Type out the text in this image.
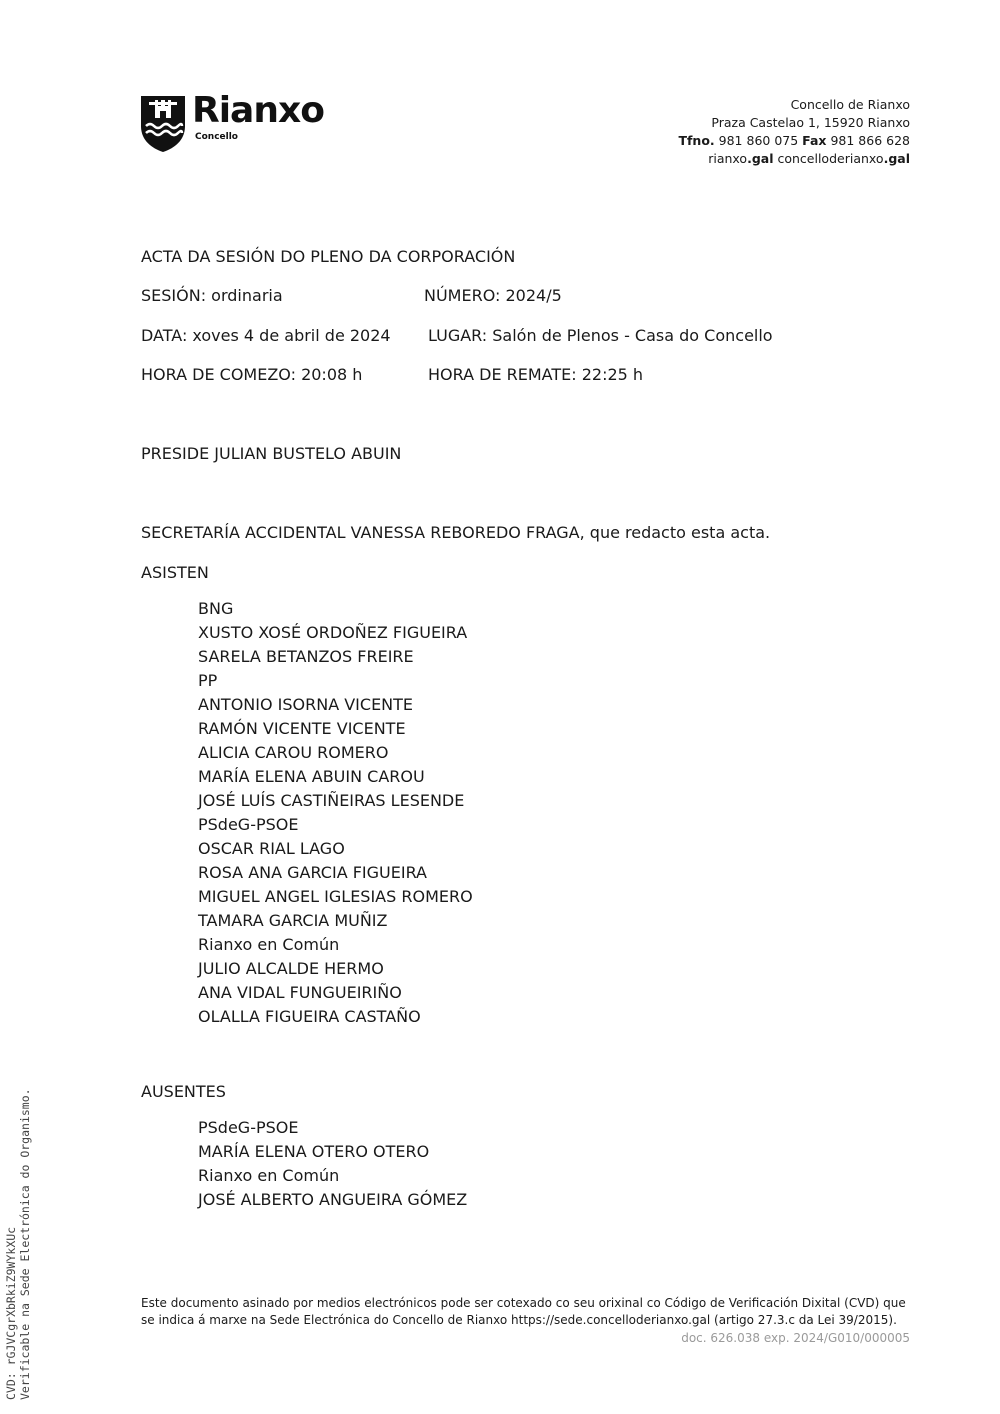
Rianxo
Concello
Concello de Rianxo
Praza Castelao 1, 15920 Rianxo
Tfno. 981 860 075 Fax 981 866 628
rianxo.gal concelloderianxo.gal
ACTA DA SESIÓN DO PLENO DA CORPORACIÓN
SESIÓN: ordinaria	NÚMERO: 2024/5
DATA: xoves 4 de abril de 2024 LUGAR: Salón de Plenos - Casa do Concello
HORA DE COMEZO: 20:08 h	HORA DE REMATE: 22:25 h
PRESIDE JULIAN BUSTELO ABUIN
SECRETARÍA ACCIDENTAL VANESSA REBOREDO FRAGA, que redacto esta acta.
ASISTEN
BNG
XUSTO XOSÉ ORDOÑEZ FIGUEIRA
SARELA BETANZOS FREIRE
PP
ANTONIO ISORNA VICENTE
RAMÓN VICENTE VICENTE
ALICIA CAROU ROMERO
MARÍA ELENA ABUIN CAROU
JOSÉ LUÍS CASTIÑEIRAS LESENDE
PSdeG-PSOE
OSCAR RIAL LAGO
ROSA ANA GARCIA FIGUEIRA
MIGUEL ANGEL IGLESIAS ROMERO
TAMARA GARCIA MUÑIZ
Rianxo en Común
JULIO ALCALDE HERMO
ANA VIDAL FUNGUEIRIÑO
OLALLA FIGUEIRA CASTAÑO
AUSENTES
PSdeG-PSOE
MARÍA ELENA OTERO OTERO
Rianxo en Común
JOSÉ ALBERTO ANGUEIRA GÓMEZ
Este documento asinado por medios electrónicos pode ser cotexado co seu orixinal co Código de Verificación Dixital (CVD) que se indica á marxe na Sede Electrónica do Concello de Rianxo https://sede.concelloderianxo.gal (artigo 27.3.c da Lei 39/2015).
doc. 626.038 exp. 2024/G010/000005
CVD: rGJVCgrXbRkiZ9WYkXUc Verificable na Sede Electrónica do Organismo.
